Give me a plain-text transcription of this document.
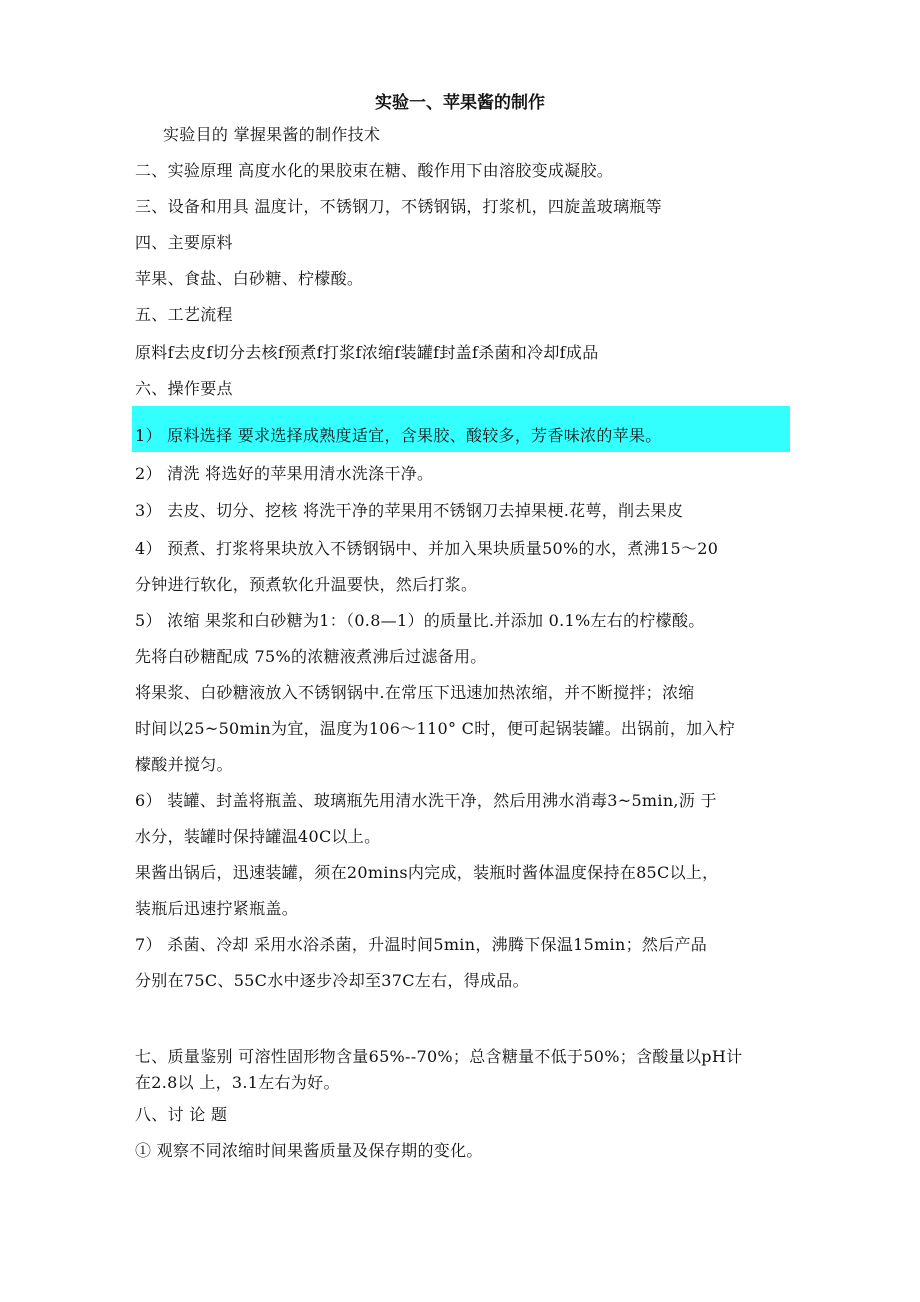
实验一、苹果酱的制作
实验目的 掌握果酱的制作技术
二、实验原理 高度水化的果胶束在糖、酸作用下由溶胶变成凝胶。
三、设备和用具 温度计，不锈钢刀，不锈钢锅，打浆机，四旋盖玻璃瓶等
四、主要原料
苹果、食盐、白砂糖、柠檬酸。
五、工艺流程
原料f去皮f切分去核f预煮f打浆f浓缩f装罐f封盖f杀菌和冷却f成品
六、操作要点
1） 原料选择 要求选择成熟度适宜，含果胶、酸较多，芳香味浓的苹果。
2） 清洗 将选好的苹果用清水洗涤干净。
3） 去皮、切分、挖核 将洗干净的苹果用不锈钢刀去掉果梗.花萼，削去果皮
4） 预煮、打浆将果块放入不锈钢锅中、并加入果块质量50%的水，煮沸15〜20
分钟进行软化，预煮软化升温要快，然后打浆。
5） 浓缩 果浆和白砂糖为1：（0.8—1）的质量比.并添加 0.1%左右的柠檬酸。
先将白砂糖配成 75%的浓糖液煮沸后过滤备用。
将果浆、白砂糖液放入不锈钢锅中.在常压下迅速加热浓缩，并不断搅拌；浓缩
时间以25~50min为宜，温度为106〜110° C时，便可起锅装罐。出锅前，加入柠
檬酸并搅匀。
6） 装罐、封盖将瓶盖、玻璃瓶先用清水洗干净，然后用沸水消毒3~5min,沥 于
水分，装罐时保持罐温40C以上。
果酱出锅后，迅速装罐，须在20mins内完成，装瓶时酱体温度保持在85C以上，
装瓶后迅速拧紧瓶盖。
7） 杀菌、冷却 采用水浴杀菌，升温时间5min，沸腾下保温15min；然后产品
分别在75C、55C水中逐步冷却至37C左右，得成品。
七、质量鉴别 可溶性固形物含量65%--70%；总含糖量不低于50%；含酸量以pH计
在2.8以 上，3.1左右为好。
八、讨 论 题
① 观察不同浓缩时间果酱质量及保存期的变化。
